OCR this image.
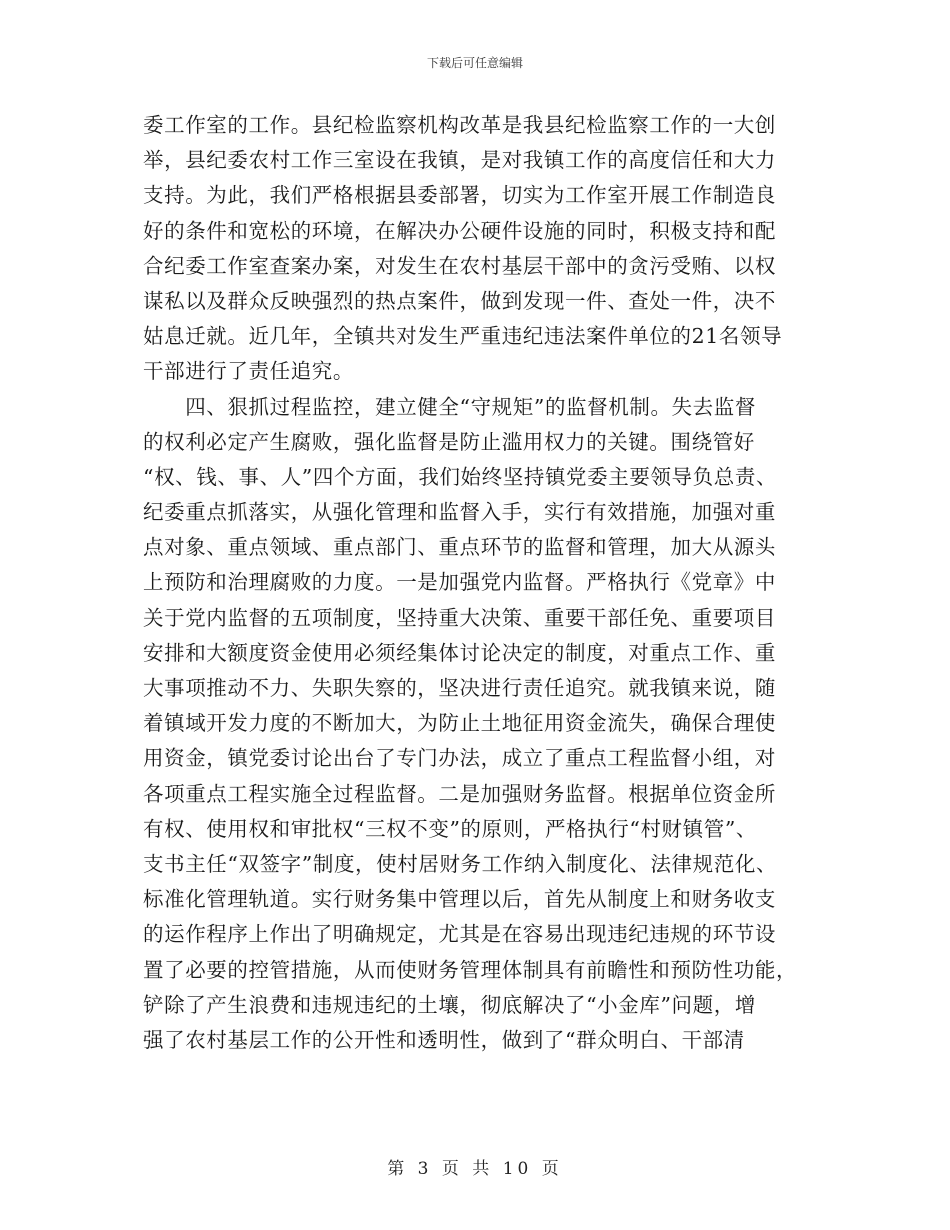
下载后可任意编辑

委工作室的工作。县纪检监察机构改革是我县纪检监察工作的一大创
举，县纪委农村工作三室设在我镇，是对我镇工作的高度信任和大力
支持。为此，我们严格根据县委部署，切实为工作室开展工作制造良
好的条件和宽松的环境，在解决办公硬件设施的同时，积极支持和配
合纪委工作室查案办案，对发生在农村基层干部中的贪污受贿、以权
谋私以及群众反映强烈的热点案件，做到发现一件、查处一件，决不
姑息迁就。近几年，全镇共对发生严重违纪违法案件单位的21名领导
干部进行了责任追究。

　　四、狠抓过程监控，建立健全“守规矩”的监督机制。失去监督
的权利必定产生腐败，强化监督是防止滥用权力的关键。围绕管好
“权、钱、事、人”四个方面，我们始终坚持镇党委主要领导负总责、
纪委重点抓落实，从强化管理和监督入手，实行有效措施，加强对重
点对象、重点领域、重点部门、重点环节的监督和管理，加大从源头
上预防和治理腐败的力度。一是加强党内监督。严格执行《党章》中
关于党内监督的五项制度，坚持重大决策、重要干部任免、重要项目
安排和大额度资金使用必须经集体讨论决定的制度，对重点工作、重
大事项推动不力、失职失察的，坚决进行责任追究。就我镇来说，随
着镇域开发力度的不断加大，为防止土地征用资金流失，确保合理使
用资金，镇党委讨论出台了专门办法，成立了重点工程监督小组，对
各项重点工程实施全过程监督。二是加强财务监督。根据单位资金所
有权、使用权和审批权“三权不变”的原则，严格执行“村财镇管”、
支书主任“双签字”制度，使村居财务工作纳入制度化、法律规范化、
标准化管理轨道。实行财务集中管理以后，首先从制度上和财务收支
的运作程序上作出了明确规定，尤其是在容易出现违纪违规的环节设
置了必要的控管措施，从而使财务管理体制具有前瞻性和预防性功能，
铲除了产生浪费和违规违纪的土壤，彻底解决了“小金库”问题，增
强了农村基层工作的公开性和透明性，做到了“群众明白、干部清

第 3 页 共 10 页
